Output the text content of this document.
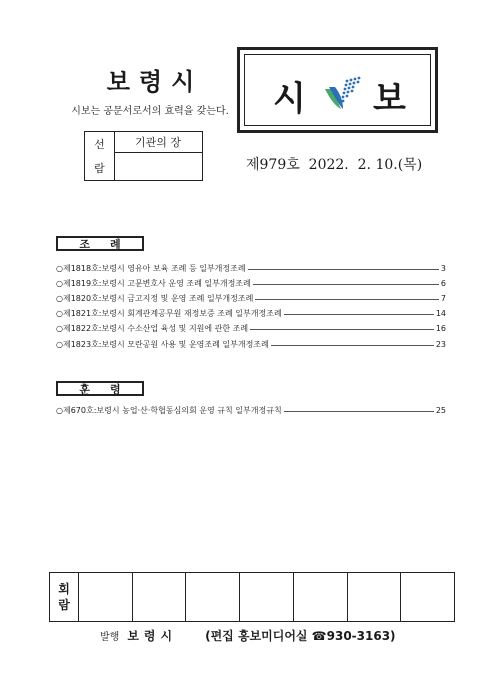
보령시
시보는 공문서로서의 효력을 갖는다.
선
람
기관의 장
시 보
제979호  2022.  2. 10.(목)
조례
○제1818호:보령시 영유아 보육 조례 등 일부개정조례	3
○제1819호:보령시 고문변호사 운영 조례 일부개정조례	6
○제1820호:보령시 금고지정 및 운영 조례 일부개정조례	7
○제1821호:보령시 회계관계공무원 재정보증 조례 일부개정조례	14
○제1822호:보령시 수소산업 육성 및 지원에 관한 조례	16
○제1823호:보령시 모란공원 사용 및 운영조례 일부개정조례	23
훈령
○제670호:보령시 농업·산·학협동심의회 운영 규칙 일부개정규칙	25
회
람
발행 보령시 (편집 홍보미디어실 ☎930-3163)
